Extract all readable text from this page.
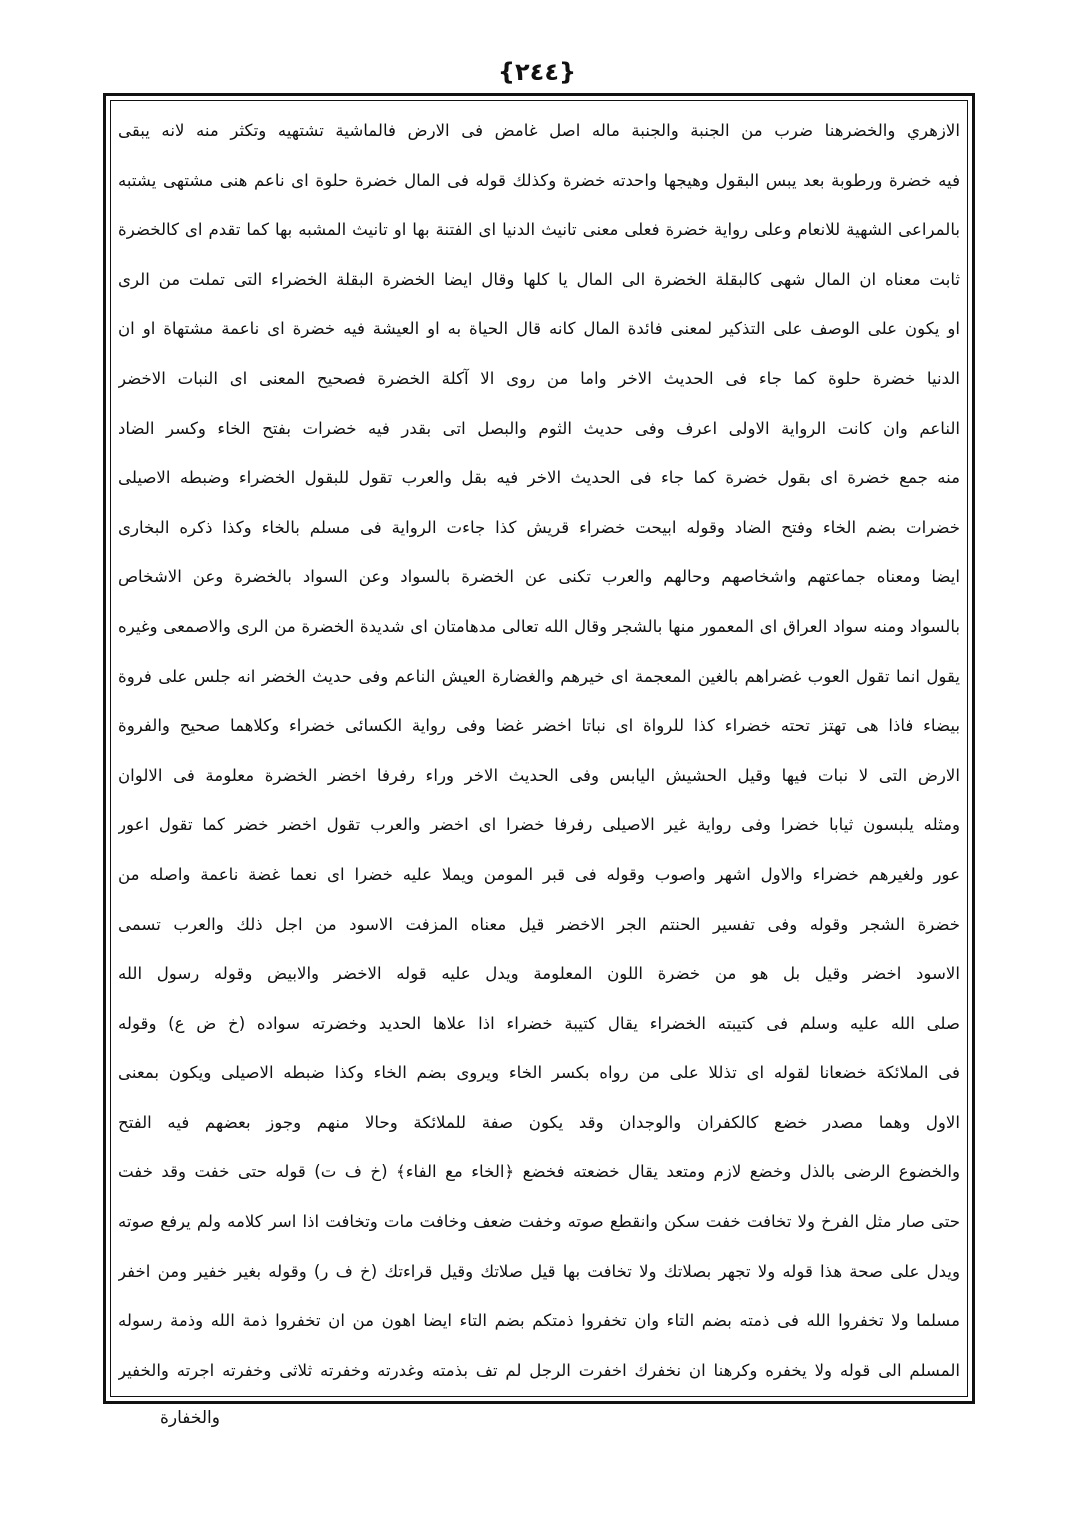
{٢٤٤}
الازهري والخضرهنا ضرب من الجنبة والجنبة ماله اصل غامض فى الارض فالماشية تشتهيه وتكثر منه لانه يبقى
فيه خضرة ورطوبة بعد يبس البقول وهيجها واحدته خضرة وكذلك قوله فى المال خضرة حلوة اى ناعم هنى مشتهى يشتبه
بالمراعى الشهية للانعام وعلى رواية خضرة فعلى معنى تانيث الدنيا اى الفتنة بها او تانيث المشبه بها كما تقدم اى كالخضرة
ثابت معناه ان المال شهى كالبقلة الخضرة الى المال يا كلها وقال ايضا الخضرة البقلة الخضراء التى تملت من الرى
او يكون على الوصف على التذكير لمعنى فائدة المال كانه قال الحياة به او العيشة فيه خضرة اى ناعمة مشتهاة او ان
الدنيا خضرة حلوة كما جاء فى الحديث الاخر واما من روى الا آكلة الخضرة فصحيح المعنى اى النبات الاخضر
الناعم وان كانت الرواية الاولى اعرف وفى حديث الثوم والبصل اتى بقدر فيه خضرات بفتح الخاء وكسر الضاد
منه جمع خضرة اى بقول خضرة كما جاء فى الحديث الاخر فيه بقل والعرب تقول للبقول الخضراء وضبطه الاصيلى
خضرات بضم الخاء وفتح الضاد وقوله ابيحت خضراء قريش كذا جاءت الرواية فى مسلم بالخاء وكذا ذكره البخارى
ايضا ومعناه جماعتهم واشخاصهم وحالهم والعرب تكنى عن الخضرة بالسواد وعن السواد بالخضرة وعن الاشخاص
بالسواد ومنه سواد العراق اى المعمور منها بالشجر وقال الله تعالى مدهامتان اى شديدة الخضرة من الرى والاصمعى وغيره
يقول انما تقول العوب غضراهم بالغين المعجمة اى خيرهم والغضارة العيش الناعم وفى حديث الخضر انه جلس على فروة
بيضاء فاذا هى تهتز تحته خضراء كذا للرواة اى نباتا اخضر غضا وفى رواية الكسائى خضراء وكلاهما صحيح والفروة
الارض التى لا نبات فيها وقيل الحشيش اليابس وفى الحديث الاخر وراء رفرفا اخضر الخضرة معلومة فى الالوان
ومثله يلبسون ثيابا خضرا وفى رواية غير الاصيلى رفرفا خضرا اى اخضر والعرب تقول اخضر خضر كما تقول اعور
عور ولغيرهم خضراء والاول اشهر واصوب وقوله فى قبر المومن ويملا عليه خضرا اى نعما غضة ناعمة واصله من
خضرة الشجر وقوله وفى تفسير الحنتم الجر الاخضر قيل معناه المزفت الاسود من اجل ذلك والعرب تسمى
الاسود اخضر وقيل بل هو من خضرة اللون المعلومة ويدل عليه قوله الاخضر والابيض وقوله رسول الله
صلى الله عليه وسلم فى كتيبته الخضراء يقال كتيبة خضراء اذا علاها الحديد وخضرته سواده (خ ض ع) وقوله
فى الملائكة خضعانا لقوله اى تذللا على من رواه بكسر الخاء ويروى بضم الخاء وكذا ضبطه الاصيلى ويكون بمعنى
الاول وهما مصدر خضع كالكفران والوجدان وقد يكون صفة للملائكة وحالا منهم وجوز بعضهم فيه الفتح
والخضوع الرضى بالذل وخضع لازم ومتعد يقال خضعته فخضع ﴿الخاء مع الفاء﴾ (خ ف ت) قوله حتى خفت وقد خفت
حتى صار مثل الفرخ ولا تخافت خفت سكن وانقطع صوته وخفت ضعف وخافت مات وتخافت اذا اسر كلامه ولم يرفع صوته
ويدل على صحة هذا قوله ولا تجهر بصلاتك ولا تخافت بها قيل صلاتك وقيل قراءتك (خ ف ر) وقوله بغير خفير ومن اخفر
مسلما ولا تخفروا الله فى ذمته بضم التاء وان تخفروا ذمتكم بضم التاء ايضا اهون من ان تخفروا ذمة الله وذمة رسوله
المسلم الى قوله ولا يخفره وكرهنا ان نخفرك اخفرت الرجل لم تف بذمته وغدرته وخفرته ثلاثى وخفرته اجرته والخفير
والخفارة
